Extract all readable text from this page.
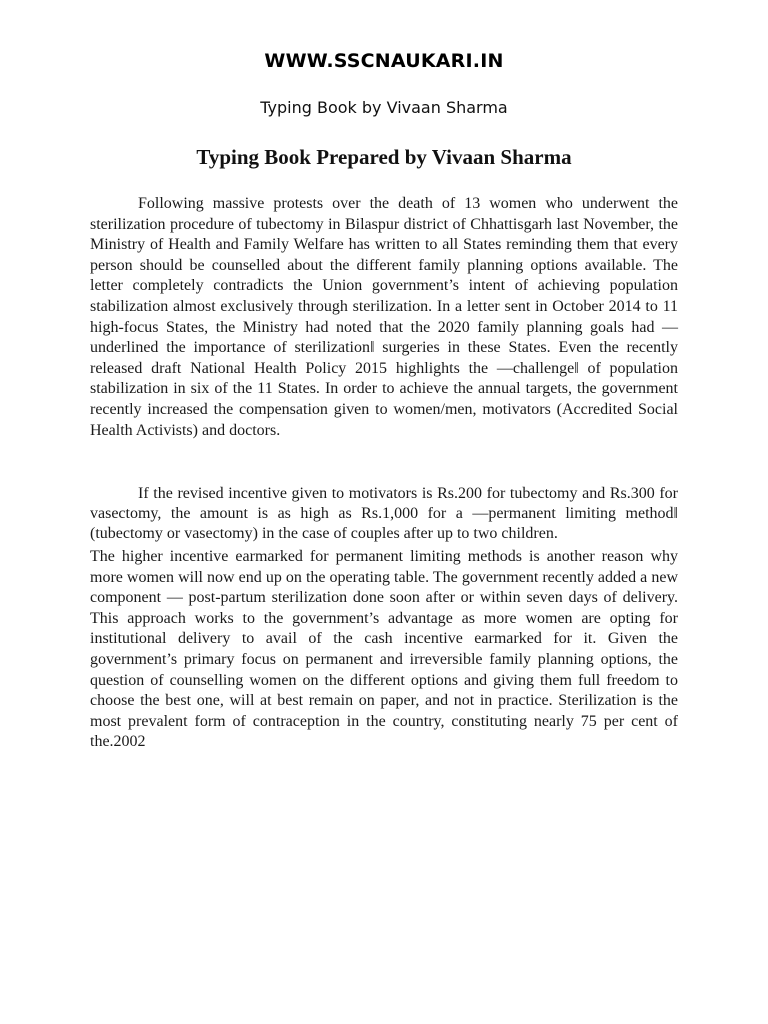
WWW.SSCNAUKARI.IN
Typing Book by Vivaan Sharma
Typing Book Prepared by Vivaan Sharma

Following massive protests over the death of 13 women who underwent the sterilization procedure of tubectomy in Bilaspur district of Chhattisgarh last November, the Ministry of Health and Family Welfare has written to all States reminding them that every person should be counselled about the different family planning options available. The letter completely contradicts the Union government’s intent of achieving population stabilization almost exclusively through sterilization. In a letter sent in October 2014 to 11 high-focus States, the Ministry had noted that the 2020 family planning goals had —underlined the importance of sterilization‖ surgeries in these States. Even the recently released draft National Health Policy 2015 highlights the —challenge‖ of population stabilization in six of the 11 States. In order to achieve the annual targets, the government recently increased the compensation given to women/men, motivators (Accredited Social Health Activists) and doctors.

If the revised incentive given to motivators is Rs.200 for tubectomy and Rs.300 for vasectomy, the amount is as high as Rs.1,000 for a —permanent limiting method‖ (tubectomy or vasectomy) in the case of couples after up to two children.

The higher incentive earmarked for permanent limiting methods is another reason why more women will now end up on the operating table. The government recently added a new component — post-partum sterilization done soon after or within seven days of delivery. This approach works to the government’s advantage as more women are opting for institutional delivery to avail of the cash incentive earmarked for it. Given the government’s primary focus on permanent and irreversible family planning options, the question of counselling women on the different options and giving them full freedom to choose the best one, will at best remain on paper, and not in practice. Sterilization is the most prevalent form of contraception in the country, constituting nearly 75 per cent of the.2002
